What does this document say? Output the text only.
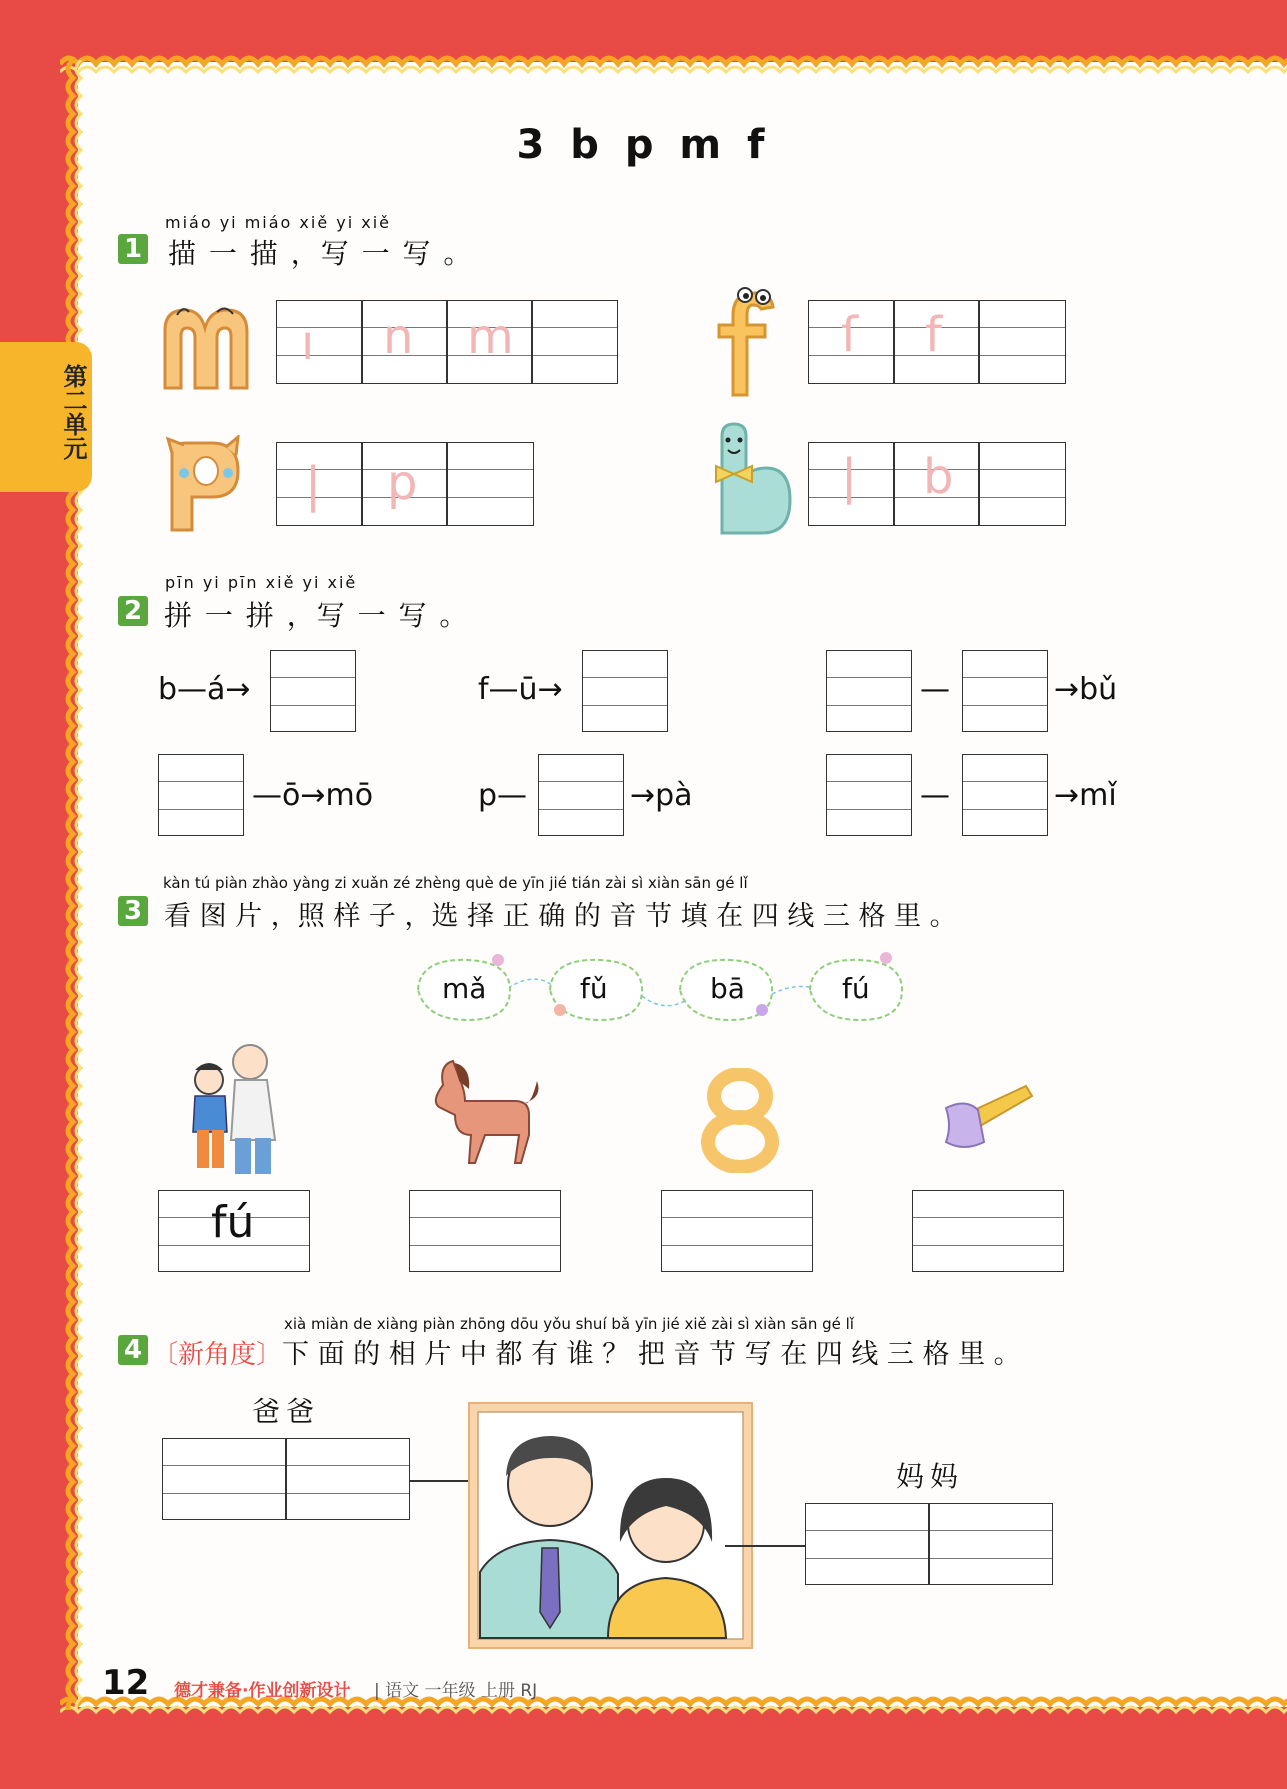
第二单元
3 b p m f
miáo yi miáo xiě yi xiě
1 描 一 描 ，写 一 写 。
ı n m	ſ f
| p	| b
pīn yi pīn xiě yi xiě
2 拼 一 拼 ，写 一 写 。
b—á→	f—ū→	—	→bǔ
—ō→mō	p—	→pà	—	→mǐ
kàn tú piàn zhào yàng zi xuǎn zé zhèng què de yīn jié tián zài sì xiàn sān gé lǐ
3 看 图 片 ，照 样 子 ，选 择 正 确 的 音 节 填 在 四 线 三 格 里 。
mǎ	fǔ	bā	fú
fú
xià miàn de xiàng piàn zhōng dōu yǒu shuí bǎ yīn jié xiě zài sì xiàn sān gé lǐ
4 〔新角度〕 下 面 的 相 片 中 都 有 谁 ？ 把 音 节 写 在 四 线 三 格 里 。
爸爸
妈妈
12 德才兼备·作业创新设计 | 语文 一年级 上册 RJ
